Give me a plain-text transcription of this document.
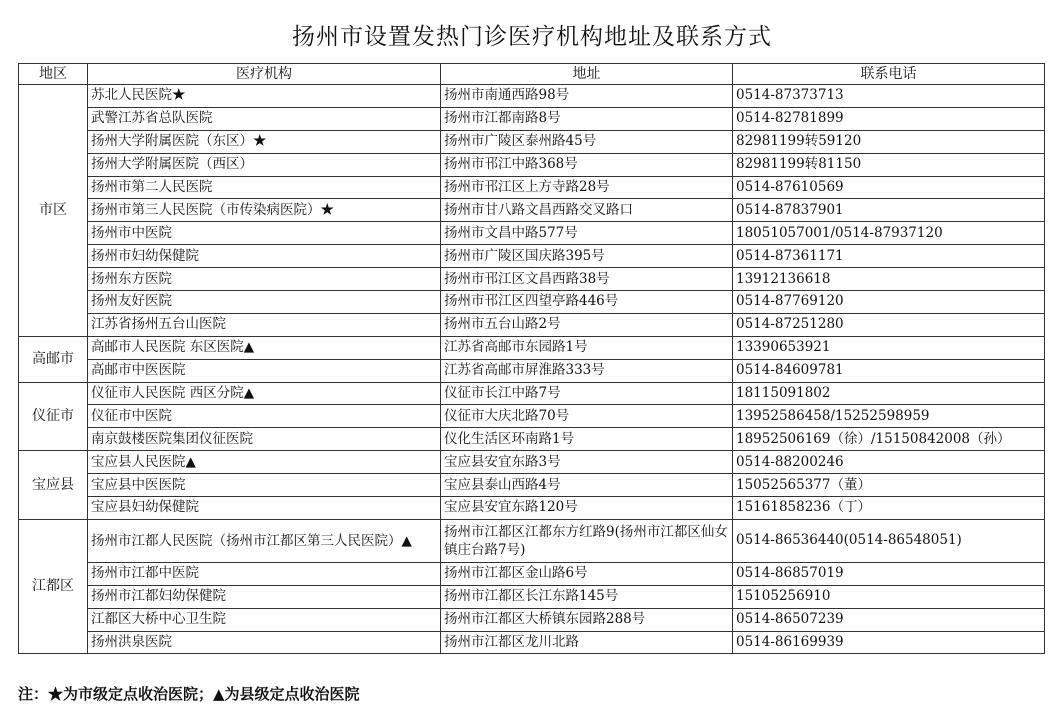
扬州市设置发热门诊医疗机构地址及联系方式
地区	医疗机构	地址	联系电话
市区	苏北人民医院★	扬州市南通西路98号	0514-87373713
	武警江苏省总队医院	扬州市江都南路8号	0514-82781899
	扬州大学附属医院（东区）★	扬州市广陵区泰州路45号	82981199转59120
	扬州大学附属医院（西区）	扬州市邗江中路368号	82981199转81150
	扬州市第二人民医院	扬州市邗江区上方寺路28号	0514-87610569
	扬州市第三人民医院（市传染病医院）★	扬州市甘八路文昌西路交叉路口	0514-87837901
	扬州市中医院	扬州市文昌中路577号	18051057001/0514-87937120
	扬州市妇幼保健院	扬州市广陵区国庆路395号	0514-87361171
	扬州东方医院	扬州市邗江区文昌西路38号	13912136618
	扬州友好医院	扬州市邗江区四望亭路446号	0514-87769120
	江苏省扬州五台山医院	扬州市五台山路2号	0514-87251280
高邮市	高邮市人民医院 东区医院▲	江苏省高邮市东园路1号	13390653921
	高邮市中医医院	江苏省高邮市屏淮路333号	0514-84609781
仪征市	仪征市人民医院 西区分院▲	仪征市长江中路7号	18115091802
	仪征市中医院	仪征市大庆北路70号	13952586458/15252598959
	南京鼓楼医院集团仪征医院	仪化生活区环南路1号	18952506169（徐）/15150842008（孙）
宝应县	宝应县人民医院▲	宝应县安宜东路3号	0514-88200246
	宝应县中医医院	宝应县泰山西路4号	15052565377（董）
	宝应县妇幼保健院	宝应县安宜东路120号	15161858236（丁）
江都区	扬州市江都人民医院（扬州市江都区第三人民医院）▲	扬州市江都区江都东方红路9(扬州市江都区仙女镇庄台路7号)	0514-86536440(0514-86548051)
	扬州市江都中医院	扬州市江都区金山路6号	0514-86857019
	扬州市江都妇幼保健院	扬州市江都区长江东路145号	15105256910
	江都区大桥中心卫生院	扬州市江都区大桥镇东园路288号	0514-86507239
	扬州洪泉医院	扬州市江都区龙川北路	0514-86169939
注：★为市级定点收治医院；▲为县级定点收治医院
